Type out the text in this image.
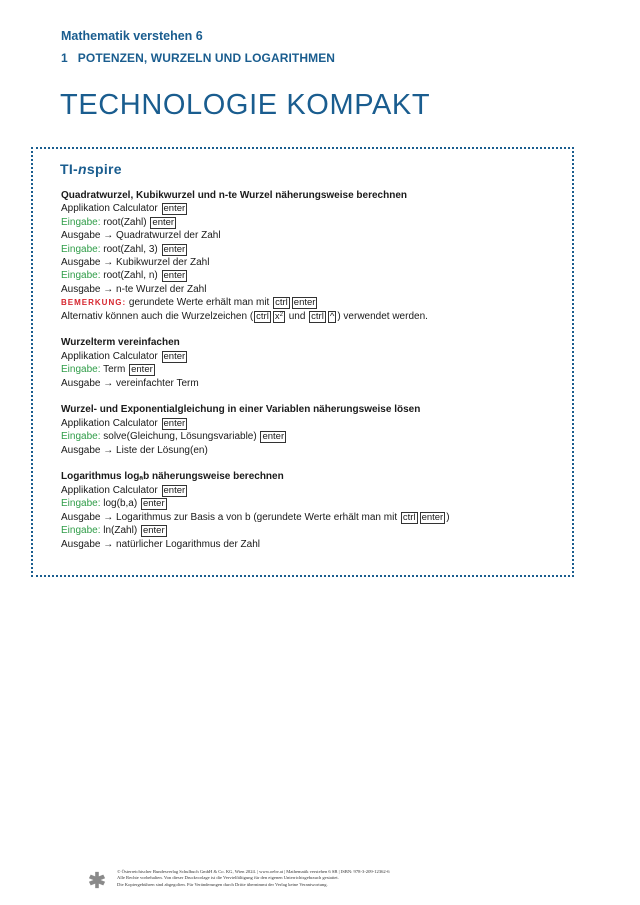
Mathematik verstehen 6
1 POTENZEN, WURZELN UND LOGARITHMEN
TECHNOLOGIE KOMPAKT
TI-nspire
Quadratwurzel, Kubikwurzel und n-te Wurzel näherungsweise berechnen
Applikation Calculator enter
Eingabe: root(Zahl) enter
Ausgabe → Quadratwurzel der Zahl
Eingabe: root(Zahl, 3) enter
Ausgabe → Kubikwurzel der Zahl
Eingabe: root(Zahl, n) enter
Ausgabe → n-te Wurzel der Zahl
BEMERKUNG: gerundete Werte erhält man mit ctrl enter
Alternativ können auch die Wurzelzeichen ( ctrl $x^2$ und ctrl ^ ) verwendet werden.
Wurzelterm vereinfachen
Applikation Calculator enter
Eingabe: Term enter
Ausgabe → vereinfachter Term
Wurzel- und Exponentialgleichung in einer Variablen näherungsweise lösen
Applikation Calculator enter
Eingabe: solve(Gleichung, Lösungsvariable) enter
Ausgabe → Liste der Lösung(en)
Logarithmus logₐb näherungsweise berechnen
Applikation Calculator enter
Eingabe: log(b,a) enter
Ausgabe → Logarithmus zur Basis a von b (gerundete Werte erhält man mit ctrl enter )
Eingabe: ln(Zahl) enter
Ausgabe → natürlicher Logarithmus der Zahl
© Österreichischer Bundesverlag Schulbuch GmbH & Co. KG, Wien 2024. | www.oebv.at | Mathematik verstehen 6 SB | ISBN: 978-3-209-12362-6
Alle Rechte vorbehalten. Von dieser Druckvorlage ist die Vervielfältigung für den eigenen Unterrichtsgebrauch gestattet.
Die Kopiergebühren sind abgegolten. Für Veränderungen durch Dritte übernimmt der Verlag keine Verantwortung.
